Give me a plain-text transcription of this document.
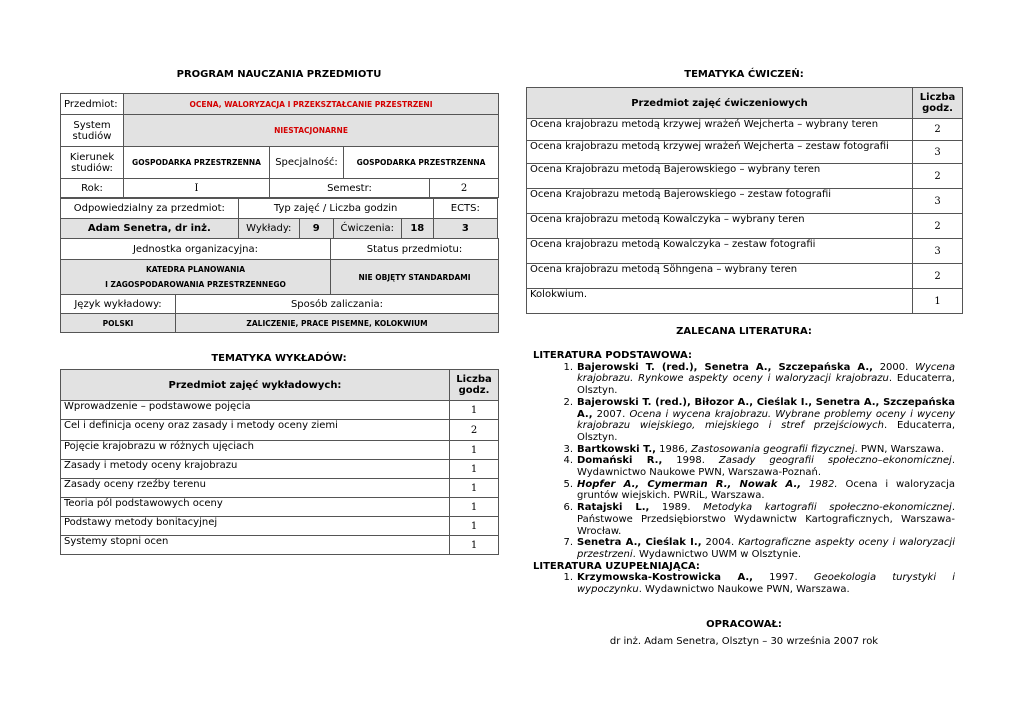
PROGRAM NAUCZANIA PRZEDMIOTU
Przedmiot:	OCENA, WALORYZACJA I PRZEKSZTAŁCANIE PRZESTRZENI			
System studiów	NIESTACJONARNE			
Kierunek studiów:	GOSPODARKA PRZESTRZENNA	Specjalność:	GOSPODARKA PRZESTRZENNA	
Rok:	I	Semestr:		2
Odpowiedzialny za przedmiot:	Typ zajęć / Liczba godzin				ECTS:
Adam Senetra, dr inż.	Wykłady:	9	Ćwiczenia:	18	3
Jednostka organizacyjna:	Status przedmiotu:

KATEDRA PLANOWANIA
I ZAGOSPODAROWANIA PRZESTRZENNEGO	NIE OBJĘTY STANDARDAMI
Język wykładowy:	Sposób zaliczania:
POLSKI	ZALICZENIE, PRACE PISEMNE, KOLOKWIUM
TEMATYKA WYKŁADÓW:
Przedmiot zajęć wykładowych:	Liczba godz.
Wprowadzenie – podstawowe pojęcia	1
Cel i definicja oceny oraz zasady i metody oceny ziemi	2
Pojęcie krajobrazu w różnych ujęciach	1
Zasady i metody oceny krajobrazu	1
Zasady oceny rzeźby terenu	1
Teoria pól podstawowych oceny	1
Podstawy metody bonitacyjnej	1
Systemy stopni ocen	1
TEMATYKA ĆWICZEŃ:
Przedmiot zajęć ćwiczeniowych	Liczba godz.
Ocena krajobrazu metodą krzywej wrażeń Wejcherta – wybrany teren	2
Ocena krajobrazu metodą krzywej wrażeń Wejcherta – zestaw fotografii	3
Ocena Krajobrazu metodą Bajerowskiego – wybrany teren	2
Ocena Krajobrazu metodą Bajerowskiego – zestaw fotografii	3
Ocena krajobrazu metodą Kowalczyka – wybrany teren	2
Ocena krajobrazu metodą Kowalczyka – zestaw fotografii	3
Ocena krajobrazu metodą Söhngena – wybrany teren	2
Kolokwium.	1
ZALECANA LITERATURA:
LITERATURA PODSTAWOWA:
1. Bajerowski T. (red.), Senetra A., Szczepańska A., 2000. Wycena krajobrazu. Rynkowe aspekty oceny i waloryzacji krajobrazu. Educaterra, Olsztyn.
2. Bajerowski T. (red.), Biłozor A., Cieślak I., Senetra A., Szczepańska A., 2007. Ocena i wycena krajobrazu. Wybrane problemy oceny i wyceny krajobrazu wiejskiego, miejskiego i stref przejściowych. Educaterra, Olsztyn.
3. Bartkowski T., 1986, Zastosowania geografii fizycznej. PWN, Warszawa.
4. Domański R., 1998. Zasady geografii społeczno–ekonomicznej. Wydawnictwo Naukowe PWN, Warszawa-Poznań.
5. Hopfer A., Cymerman R., Nowak A., 1982. Ocena i waloryzacja gruntów wiejskich. PWRiL, Warszawa.
6. Ratajski L., 1989. Metodyka kartografii społeczno-ekonomicznej. Państwowe Przedsiębiorstwo Wydawnictw Kartograficznych, Warszawa-Wrocław.
7. Senetra A., Cieślak I., 2004. Kartograficzne aspekty oceny i waloryzacji przestrzeni. Wydawnictwo UWM w Olsztynie.
LITERATURA UZUPEŁNIAJĄCA:
1. Krzymowska-Kostrowicka A., 1997. Geoekologia turystyki i wypoczynku. Wydawnictwo Naukowe PWN, Warszawa.
OPRACOWAŁ:
dr inż. Adam Senetra, Olsztyn – 30 września 2007 rok
